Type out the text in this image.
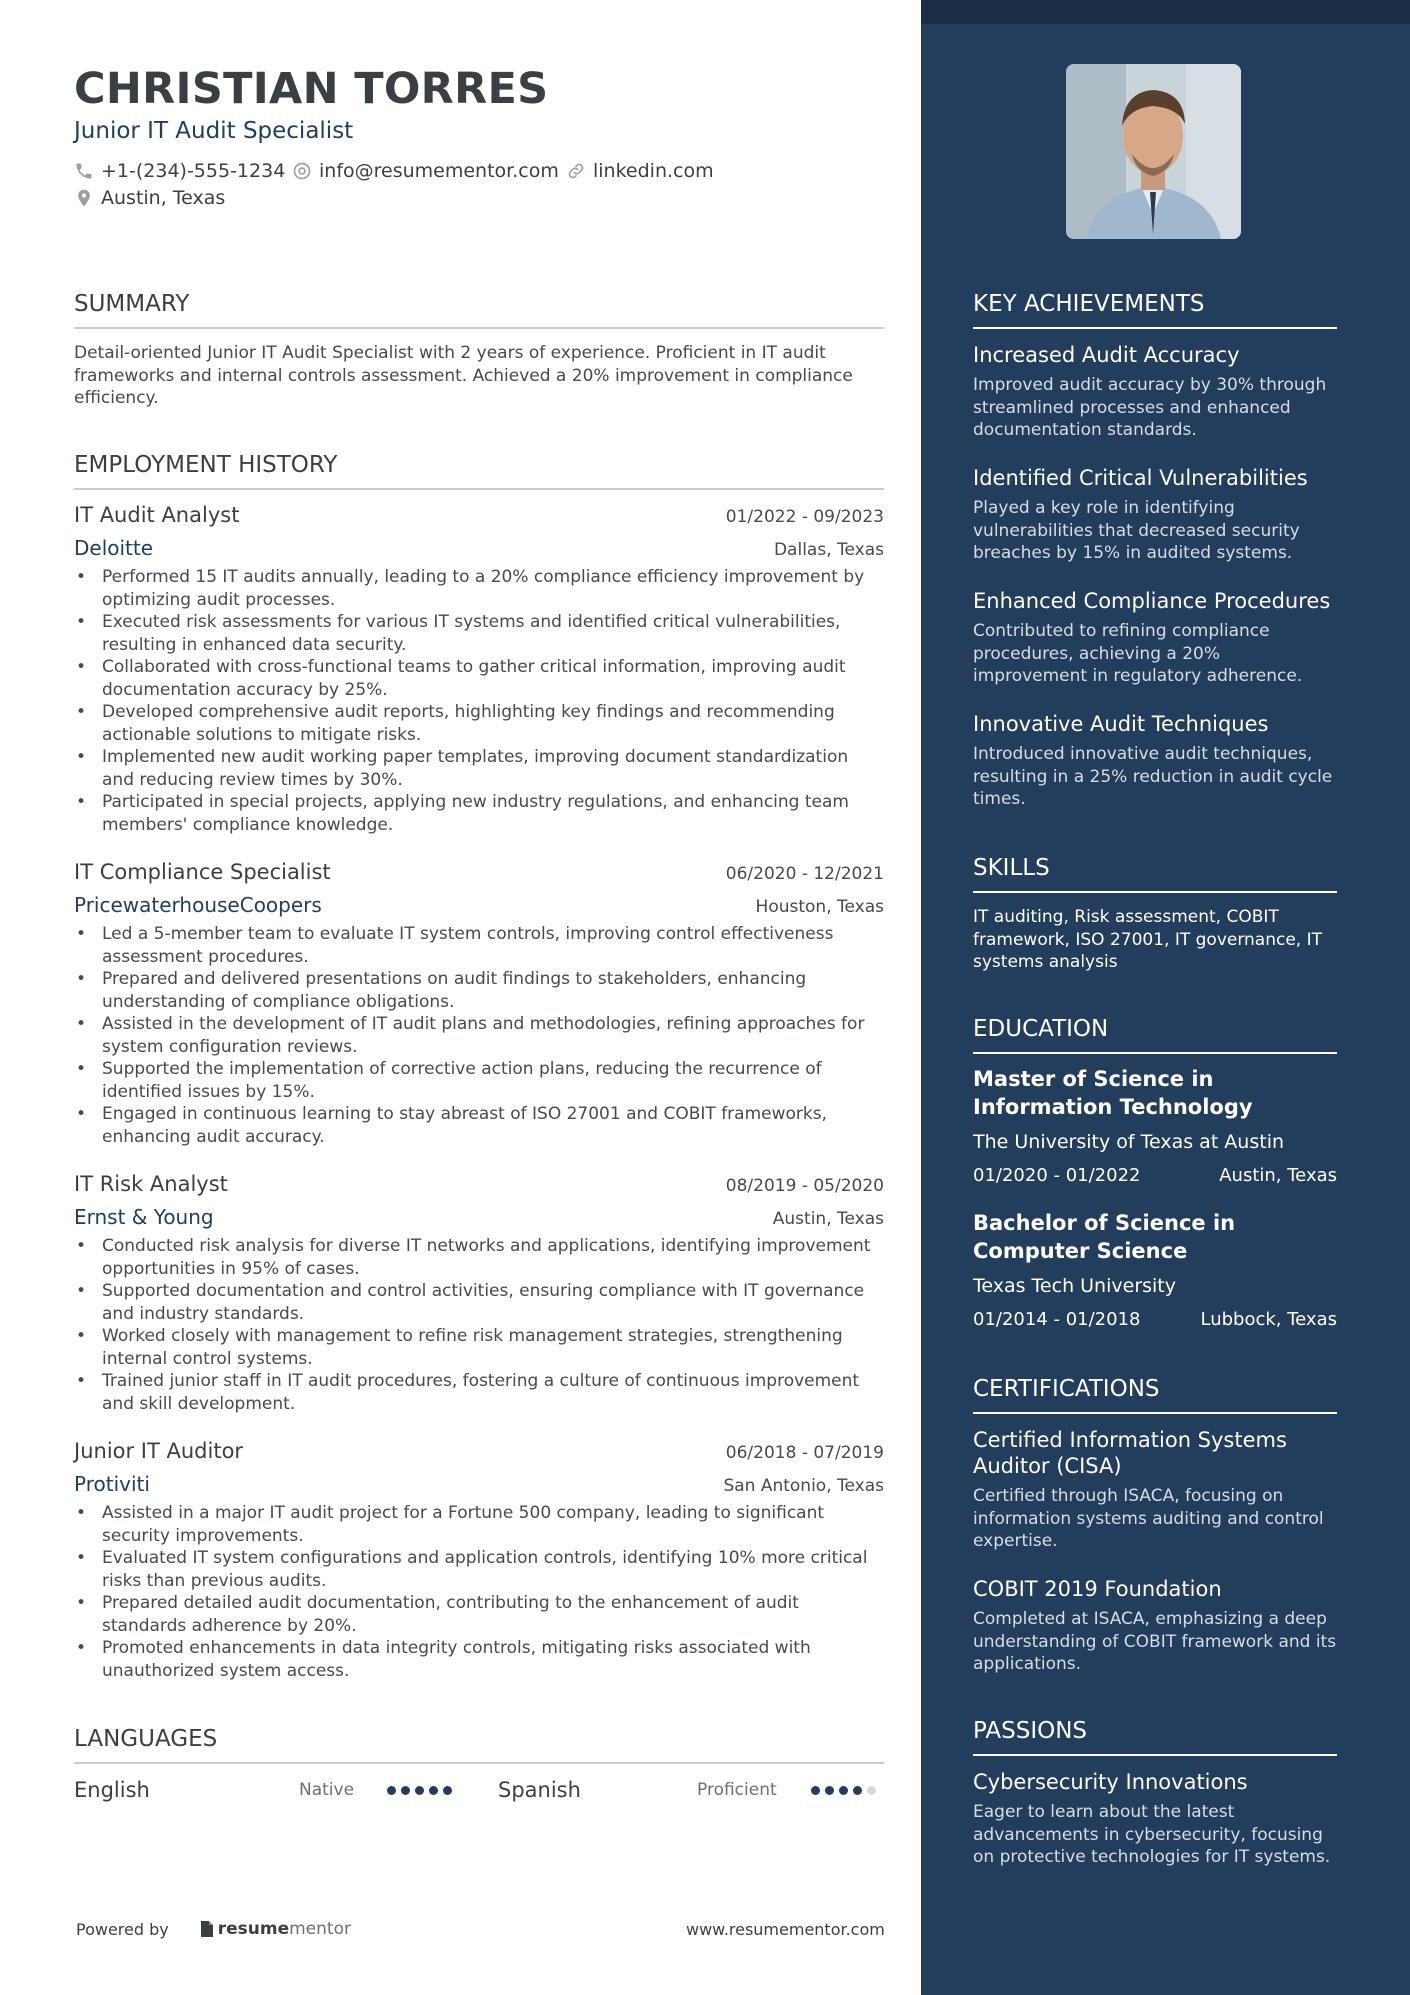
CHRISTIAN TORRES
Junior IT Audit Specialist
+1-(234)-555-1234 info@resumementor.com linkedin.com
Austin, Texas
SUMMARY
Detail-oriented Junior IT Audit Specialist with 2 years of experience. Proficient in IT audit frameworks and internal controls assessment. Achieved a 20% improvement in compliance efficiency.
EMPLOYMENT HISTORY
IT Audit Analyst	01/2022 - 09/2023
Deloitte	Dallas, Texas
• Performed 15 IT audits annually, leading to a 20% compliance efficiency improvement by optimizing audit processes.
• Executed risk assessments for various IT systems and identified critical vulnerabilities, resulting in enhanced data security.
• Collaborated with cross-functional teams to gather critical information, improving audit documentation accuracy by 25%.
• Developed comprehensive audit reports, highlighting key findings and recommending actionable solutions to mitigate risks.
• Implemented new audit working paper templates, improving document standardization and reducing review times by 30%.
• Participated in special projects, applying new industry regulations, and enhancing team members' compliance knowledge.
IT Compliance Specialist	06/2020 - 12/2021
PricewaterhouseCoopers	Houston, Texas
• Led a 5-member team to evaluate IT system controls, improving control effectiveness assessment procedures.
• Prepared and delivered presentations on audit findings to stakeholders, enhancing understanding of compliance obligations.
• Assisted in the development of IT audit plans and methodologies, refining approaches for system configuration reviews.
• Supported the implementation of corrective action plans, reducing the recurrence of identified issues by 15%.
• Engaged in continuous learning to stay abreast of ISO 27001 and COBIT frameworks, enhancing audit accuracy.
IT Risk Analyst	08/2019 - 05/2020
Ernst & Young	Austin, Texas
• Conducted risk analysis for diverse IT networks and applications, identifying improvement opportunities in 95% of cases.
• Supported documentation and control activities, ensuring compliance with IT governance and industry standards.
• Worked closely with management to refine risk management strategies, strengthening internal control systems.
• Trained junior staff in IT audit procedures, fostering a culture of continuous improvement and skill development.
Junior IT Auditor	06/2018 - 07/2019
Protiviti	San Antonio, Texas
• Assisted in a major IT audit project for a Fortune 500 company, leading to significant security improvements.
• Evaluated IT system configurations and application controls, identifying 10% more critical risks than previous audits.
• Prepared detailed audit documentation, contributing to the enhancement of audit standards adherence by 20%.
• Promoted enhancements in data integrity controls, mitigating risks associated with unauthorized system access.
LANGUAGES
English	Native	Spanish	Proficient
Powered by	resume mentor	www.resumementor.com
KEY ACHIEVEMENTS
Increased Audit Accuracy
Improved audit accuracy by 30% through streamlined processes and enhanced documentation standards.
Identified Critical Vulnerabilities
Played a key role in identifying vulnerabilities that decreased security breaches by 15% in audited systems.
Enhanced Compliance Procedures
Contributed to refining compliance procedures, achieving a 20% improvement in regulatory adherence.
Innovative Audit Techniques
Introduced innovative audit techniques, resulting in a 25% reduction in audit cycle times.
SKILLS
IT auditing, Risk assessment, COBIT framework, ISO 27001, IT governance, IT systems analysis
EDUCATION
Master of Science in Information Technology
The University of Texas at Austin
01/2020 - 01/2022	Austin, Texas
Bachelor of Science in Computer Science
Texas Tech University
01/2014 - 01/2018	Lubbock, Texas
CERTIFICATIONS
Certified Information Systems Auditor (CISA)
Certified through ISACA, focusing on information systems auditing and control expertise.
COBIT 2019 Foundation
Completed at ISACA, emphasizing a deep understanding of COBIT framework and its applications.
PASSIONS
Cybersecurity Innovations
Eager to learn about the latest advancements in cybersecurity, focusing on protective technologies for IT systems.
